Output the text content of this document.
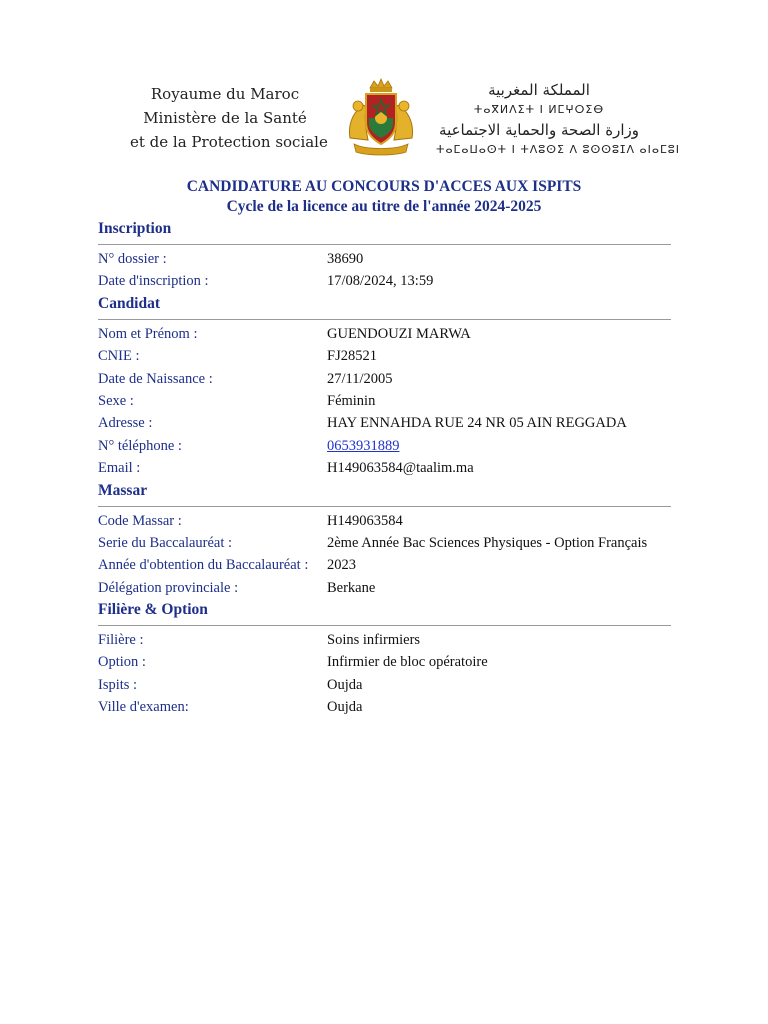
Royaume du Maroc
Ministère de la Santé
et de la Protection sociale
المملكة المغربية
ⵜⴰⴳⵍⴷⵉⵜ ⵏ ⵍⵎⵖⵔⵉⴱ
وزارة الصحة والحماية الاجتماعية
ⵜⴰⵎⴰⵡⴰⵙⵜ ⵏ ⵜⴷⵓⵙⵉ ⴷ ⵓⵙⵙⵓⵊⴷ ⴰⵏⴰⵎⵓⵏ
CANDIDATURE AU CONCOURS D'ACCES AUX ISPITS
Cycle de la licence au titre de l'année 2024-2025
Inscription
N° dossier :	38690
Date d'inscription :	17/08/2024, 13:59
Candidat
Nom et Prénom :	GUENDOUZI MARWA
CNIE :	FJ28521
Date de Naissance :	27/11/2005
Sexe :	Féminin
Adresse :	HAY ENNAHDA RUE 24 NR 05 AIN REGGADA
N° téléphone :	0653931889
Email :	H149063584@taalim.ma
Massar
Code Massar :	H149063584
Serie du Baccalauréat :	2ème Année Bac Sciences Physiques - Option Français
Année d'obtention du Baccalauréat :	2023
Délégation provinciale :	Berkane
Filière & Option
Filière :	Soins infirmiers
Option :	Infirmier de bloc opératoire
Ispits :	Oujda
Ville d'examen:	Oujda
